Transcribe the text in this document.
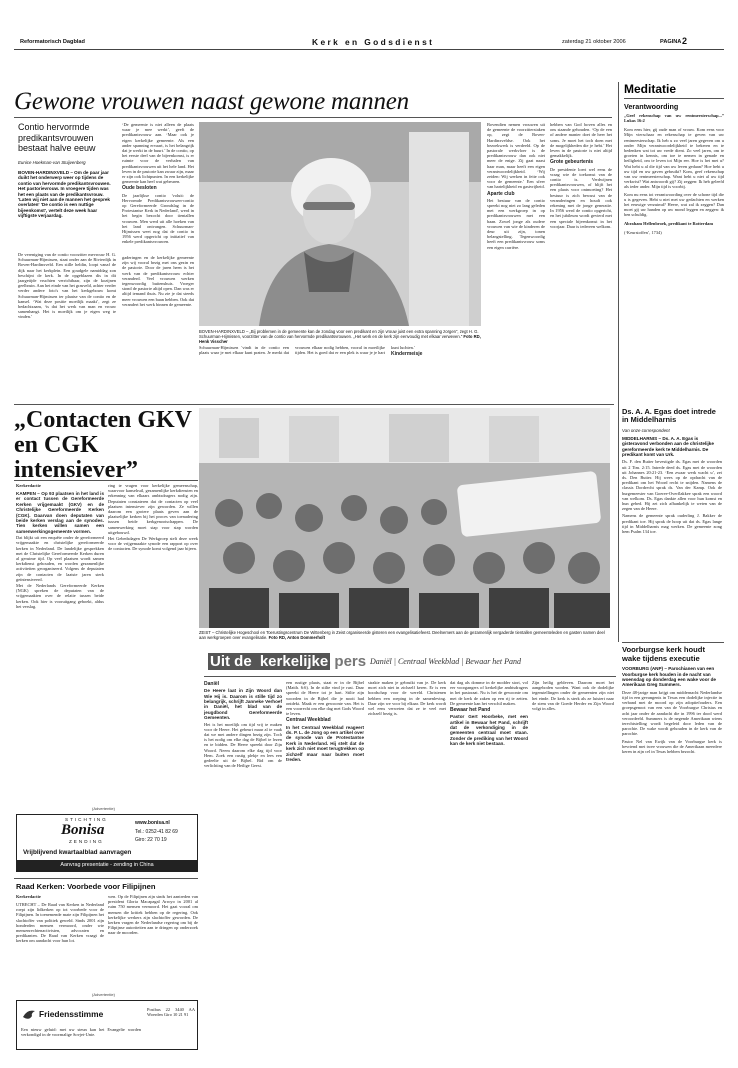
Reformatorisch Dagblad	Kerk en Godsdienst	zaterdag 21 oktober 2006	PAGINA 2
Gewone vrouwen naast gewone mannen
Contio hervormde predikantsvrouwen bestaat halve eeuw
Eunice Hoekman-van Stuijvenberg
BOVEN-HARDINXVELD – Om de paar jaar duikt het onderwerp weer op tijdens de contio van hervormde predikantsvrouwen. Het pastorievrouw. In vroegere tijden was het een plaats van de predikantsvrouw. 'Laten wij niet aan de mannen het gesprek overlaten' 'De contio is een nuttige bijeenkomst', vertelt deze week haar vijftigste verjaardag.
De vereniging van de contio voorzitter mevrouw H. G. Schuurman-Hijmissen, staat onder aan de Rivierdijk in Boven-Hardinxveld. Een stille heldin, loopt vanaf de dijk naar het kerkplein. Een goudgele namiddag zon beschijnt de kerk. In de opgeblazen dis in dit jaargetijde vruchten verrichtbaar, zijn de kozijnen geelbruin. Aan het einde van het grasveld, achter verder verder andere foto's van het kerkgebouw komt Schuurman-Hijmissen ter plaatse van de contio en de kansel. ‘Wat deze positie moeilijk maakt’, zegt ze bedachtzaam, ‘is dat het werk van man en vrouw samenhangt. Het is moeilijk om je eigen weg te vinden.’

‘De gemeente is niet alleen de plaats waar je mee werkt’, geeft de predikantsvrouw aan. ‘Maar ook je eigen kerkelijke gemeente. Als een ander spanning ervaart, is het belangrijk dat je werkt in de buurt.’ In de contio, op het eerste deel van de bijeenkomst, is er ruimte voor de verhalen van predikantsvrouwen uit het hele land. Het leven in de pastorie kan zwaar zijn, maar er zijn ook lichtpunten. In een kerkelijke gemeente kan heel wat gebeuren.

Oude besloten

De jaarlijkse contio 'voluit: de Hervormde Predikantsvrouwen-contio op Gereformeerde Grondslag in de Protestantse Kerk in Nederland', werd in het begin bezocht door tientallen vrouwen. Men werd uit alle hoeken van het land ontvangen. Schuurman-Hijmissen weet nog dat de contio in 1956 werd opgericht op initiatief van enkele predikantsvrouwen.

BOVEN-HARDINXVELD – „Bij problemen in de gemeente kan de zondag voor een predikant en zijn vrouw juist een extra spanning zorgen”, zegt H. G. Schuurman-Hijmissen, voorzitter van de contio van hervormde predikantsvrouwen. „Het werk en de kerk zijn eenvoudig met elkaar verweven.” Foto RD, Henk Visscher

gaderingen en de kerkelijke gemeente zijn wij vooral bezig met ons gezin en de pastorie. Door de jaren heen is het werk van de predikantsvrouw echter veranderd. Veel vrouwen werken tegenwoordig buitenshuis. Vroeger stond de pastorie altijd open. Dan was er altijd iemand thuis. Nu zie je dat steeds meer vrouwen een baan hebben. Ook dat verandert het werk binnen de gemeente.

Schuurman-Hijmissen 'vindt in de contio een plaats waar je met elkaar kunt praten. Je merkt dat vrouwen elkaar nodig hebben, vooral in moeilijke tijden. Het is goed dat er een plek is waar je je hart kunt luchten.'

Kindermeisje

Bovendien nemen vrouwen uit de gemeente de voorzitterstaken op, zegt de Boven-Hardinxveldse. Ook het bezoekwerk is verdeeld. Op de pastorale werkvloer is de predikantsvrouw dan ook niet meer de enige. Zij gaat naast haar man, maar heeft een eigen verantwoordelijkheid. ‘Wij zeiden: Wij werken in feite ook voor de gemeente.’ Een sfeer van hartelijkheid en gastvrijheid.

Aparte club

Het bestuur van de contio spreekt nog niet zo lang geleden met een werkgroep in op predikantsvrouwen met een baan. Zowel jonge als oudere vrouwen van wie de kinderen de deur uit zijn, tonen belangstelling. Tegenwoordig heeft een predikantsvrouw soms een eigen carrière.

hebben van God boven alles en ons staande gehouden. ‘Op de een of andere manier doet de heer het soms. Je moet het toch doen met de mogelijkheden die je hebt.’ Het leven in de pastorie is niet altijd gemakkelijk.

Grote gebeurtenis

De presidente loert wel eens de vraag wie de toekomst van de contio is. Verdwijnen predikantsvrouwen, of blijft het een plaats voor ontmoeting? Het bestuur is zich bewust van de veranderingen en houdt ook rekening met de jonge generatie. In 1956 werd de contio opgericht, en het jubileum wordt gevierd met een speciale bijeenkomst in het voorjaar. Daar is iedereen welkom.

Meditatie
Verantwoording
„Geef rekenschap van uw rentmeesterschap...” Lukas 16:2
Kom eens hier, gij oude man of vrouw. Kom eens voor Mijn vierschaar en rekenschap te geven van uw rentmeesterschap. Ik heb u zo veel jaren gegeven om u onder Mijn verantwoordelijkheid te bekeren en te bedenken wat tot uw vrede dient. Zo veel jaren, om te groeien in kennis, om toe te nemen in genade en heiligheid, om te leven tot Mijn eer. Hoe is het met u? Wat hebt u al die tijd van uw leven gedaan? Hoe hebt u uw tijd en uw gaven gebruikt? Kom, geef rekenschap van uw rentmeesterschap. Want hebt u niet al uw tijd verkwist? Wat antwoordt gij? Zij zeggen: Ik heb geleefd als ieder ander. Mijn tijd is voorbij.
Kom nu eens tot verantwoording over de schone tijd die u is gegeven. Hebt u niet met uw gedachten en werken het eeuwige verzuimd? Heere, wat zal ik zeggen? Dan moet gij uw handen op uw mond leggen en zeggen: ik ben schuldig.
Abraham Hellenbroek, predikant te Rotterdam
(‘Keurstoffen’, 1734)
„Contacten GKV en CGK intensiever”
Kerkredactie

KAMPEN – Op 93 plaatsen in het land is er contact tussen de Gereformeerde Kerken vrijgemaakt (GKV) en de Christelijke Gereformeerde Kerken (CGK). Daarvan doen deputaten van beide kerken verslag aan de synodes. Tien kerken willen samen een samenwerkingsgemeente vormen.

Dat blijkt uit een enquête onder de gereformeerd vrijgemaakte en christelijke gereformeerde kerken in Nederland. De landelijke gesprekken met de Christelijke Gereformeerde Kerken duren al geruime tijd. Op veel plaatsen wordt samen kerkdienst gehouden, en worden gezamenlijke activiteiten georganiseerd. Volgens de deputaten zijn de contacten de laatste jaren sterk geïntensiveerd.

Met de Nederlands Gereformeerde Kerken (NGK) spreken de deputaten van de vrijgemaakten over de relatie tussen beide kerken. Ook hier is vooruitgang geboekt, aldus het verslag.

ring te vragen voor kerkelijke gemeenschap, waarvoor kanselruil, gezamenlijke kerkdiensten en erkenning van elkaars ambtsdragers nodig zijn. Deputaten constateren dat de contacten op veel plaatsen intensiever zijn geworden. Ze willen daarom een grotere plaats geven aan de plaatselijke kerken bij het proces van toenadering tussen beide kerkgenootschappen. De samenwerking moet stap voor stap worden uitgebouwd.

Het Gebedsdagen De Werkgroep stelt deze week voor de vrijgemaakte synode een rapport op over de contacten. De synode komt volgend jaar bijeen.

ZEIST – Christelijke Hogeschool en Toerustingscentrum De Wittenberg in Zeist organiseerde gisteren een evangelisatiefeest. Deelnemers aan de gezamenlijk vergaderde tientallen gemeenteleden en gasten namen deel aan werkgroepen over evangelisatie. Foto RD, Anton Dommerholt
Ds. A. A. Egas doet intrede in Middelharnis
Van onze correspondent
MIDDELHARNIS – Ds. A. A. Egas is gisteravond verbonden aan de christelijke gereformeerde kerk te Middelharnis. De predikant komt van Urk.
Ds. F. den Butter bevestigde ds. Egas met de woorden uit 2 Tim. 2:15. Intrede deed ds. Egas met de woorden uit Johannes 20:21-23. ‘Een zwaar werk wacht u’, zei ds. Den Butter. Hij wees op de opdracht van de predikant om het Woord recht te snijden. Namens de classis Dordrecht sprak ds. Van der Kamp. Ook de burgemeester van Goeree-Overflakkee sprak een woord van welkom. Ds. Egas dankte allen voor hun komst en hun gebed. Hij zei zich afhankelijk te weten van de zegen van de Heere.
Namens de gemeente sprak ouderling J. Bakker de predikant toe. Hij sprak de hoop uit dat ds. Egas lange tijd in Middelharnis mag werken. De gemeente zong hem Psalm 134 toe.
Voorburgse kerk houdt wake tijdens executie
VOORBURG (ANP) – Parochianen van een Voorburgse kerk houden in de nacht van woensdag op donderdag een wake voor de Amerikaan Greg Summers.
Deze 48-jarige man krijgt om middernacht Nederlandse tijd in een gevangenis in Texas een dodelijke injectie in verband met de moord op zijn adoptiefouders. Een groepsgenoot van een van de Voorburgse Christus en acht jaar onder de aandacht die in 1996 ter dood werd veroordeeld. Summers is de negende Amerikaan wiens terechtstelling wordt begeleid door leden van de parochie. De wake wordt gehouden in de kerk van de parochie.
Pastor Nel van Ewijk van de Voorburgse kerk is bevriend met twee vrouwen die de Amerikaan meerdere keren in zijn cel in Texas hebben bezocht.
(Advertentie)
STICHTING
Bonisa
ZENDING
www.bonisa.nl
Tel.: 0252-41 82 69
Giro: 22 70 19
Vrijblijvend kwartaalblad aanvragen
Aanvrag presentatie - zending in China
Raad Kerken: Voorbede voor Filipijnen
Kerkredactie
UTRECHT – De Raad van Kerken in Nederland roept zijn lidkerken op tot voorbede voor de Filipijnen. In toenemende mate zijn Filipijnen het slachtoffer van politiek geweld. Sinds 2001 zijn honderden mensen vermoord, onder wie mensenrechtenactivisten, advocaten en predikanten. De Raad van Kerken vraagt de kerken om aandacht voor hun lot.
wen. Op de Filipijnen zijn sinds het aantreden van president Gloria Macapagal Arroyo in 2001 al ruim 750 mensen vermoord. Het gaat vooral om mensen die kritiek hebben op de regering. Ook kerkelijke werkers zijn slachtoffer geworden. De kerken vragen de Nederlandse regering om bij de Filipijnse autoriteiten aan te dringen op onderzoek naar de moorden.
(Advertentie)
Friedensstimme
Een nieuw geluid: met uw steun kan het Evangelie worden verkondigd in de voormalige Sovjet-Unie.
Postbus 22 3440 AA Woerden Giro 10 21 91
Uit de kerkelijke pers Daniël | Centraal Weekblad | Bewaar het Pand
Daniël

De Heere laat in Zijn Woord dan Wie Hij is. Daarom is stille tijd zo belangrijk, schrijft Janneke Verhoef in Daniël, het blad van de jeugdbond Gereformeerde Gemeenten.

Het is het moeilijk om tijd vrij te maken voor de Heere. Het gebeurt maar al te vaak dat we met andere dingen bezig zijn. Toch is het nodig om elke dag de Bijbel te lezen en te bidden. De Heere spreekt door Zijn Woord. Neem daarom elke dag tijd voor Hem. Zoek een rustig plekje en lees een gedeelte uit de Bijbel. Bid om de verlichting van de Heilige Geest.

een rustige plaats, staat er in de Bijbel (Matth. 6:6). In de stilte vind je rust. Daar spreekt de Heere tot je hart. Stilte zijn woorden in de Bijbel die je nooit had ontdekt. Maak er een gewoonte van. Het is een voorrecht om elke dag met Gods Woord te leven.

Centraal Weekblad

In het Centraal Weekblad reageert ds. P. L. de Jong op een artikel over de synode van de Protestantse Kerk in Nederland. Hij stelt dat de kerk zich niet moet terugtrekken op zichzelf maar naar buiten moet treden.

strakte maken je gebruikt van je. De kerk moet zich niet in zichzelf keren. Er is een boodschap voor de wereld. Christenen hebben een roeping in de samenleving. Daar zijn we voor bij elkaar. De kerk wordt wel eens verweten dat ze te veel met zichzelf bezig is.

dat dag als domme in de modder stort, vol eer voorgangers of kerkelijke ambtsdragers in het pastoraat. Nu is het de gewoonte om met de kerk de zaken op een rij te zetten. De gemeente kan het verschil maken.

Bewaar het Pand

Pastor Gert Hoorbeke, met een artikel in Bewaar het Pand, schrijft dat de verkondiging in de gemeenten centraal moet staan. Zonder de prediking van het Woord kan de kerk niet bestaan.

Zijn heilig gebleven. Daarom moet het aangeboden worden. Want ook de dodelijke tegenstellingen onder de gemeenten zijn niet het einde. De kerk is sterk als ze luistert naar de stem van de Goede Herder en Zijn Woord volgt in alles.
